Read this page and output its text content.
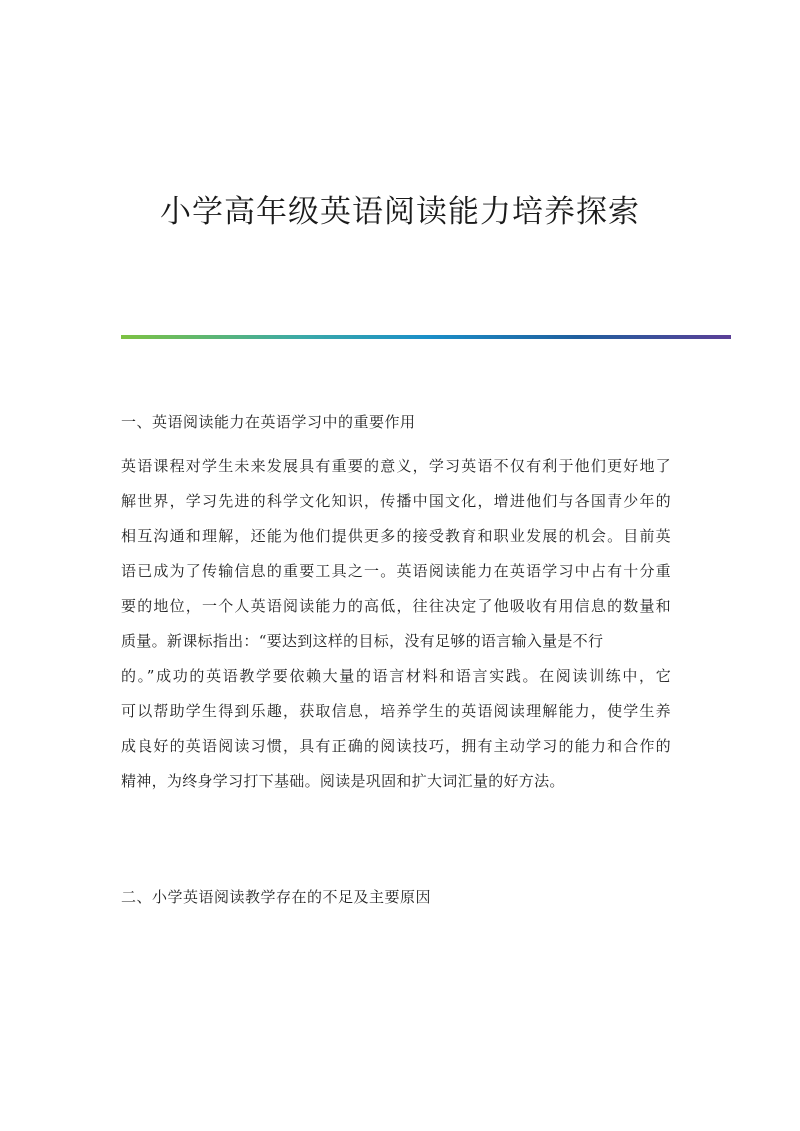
小学高年级英语阅读能力培养探索
一、英语阅读能力在英语学习中的重要作用
英语课程对学生未来发展具有重要的意义，学习英语不仅有利于他们更好地了
解世界，学习先进的科学文化知识，传播中国文化，增进他们与各国青少年的
相互沟通和理解，还能为他们提供更多的接受教育和职业发展的机会。目前英
语已成为了传输信息的重要工具之一。英语阅读能力在英语学习中占有十分重
要的地位，一个人英语阅读能力的高低，往往决定了他吸收有用信息的数量和
质量。新课标指出：“要达到这样的目标，没有足够的语言输入量是不行
的。”成功的英语教学要依赖大量的语言材料和语言实践。在阅读训练中，它
可以帮助学生得到乐趣，获取信息，培养学生的英语阅读理解能力，使学生养
成良好的英语阅读习惯，具有正确的阅读技巧，拥有主动学习的能力和合作的
精神，为终身学习打下基础。阅读是巩固和扩大词汇量的好方法。
二、小学英语阅读教学存在的不足及主要原因
